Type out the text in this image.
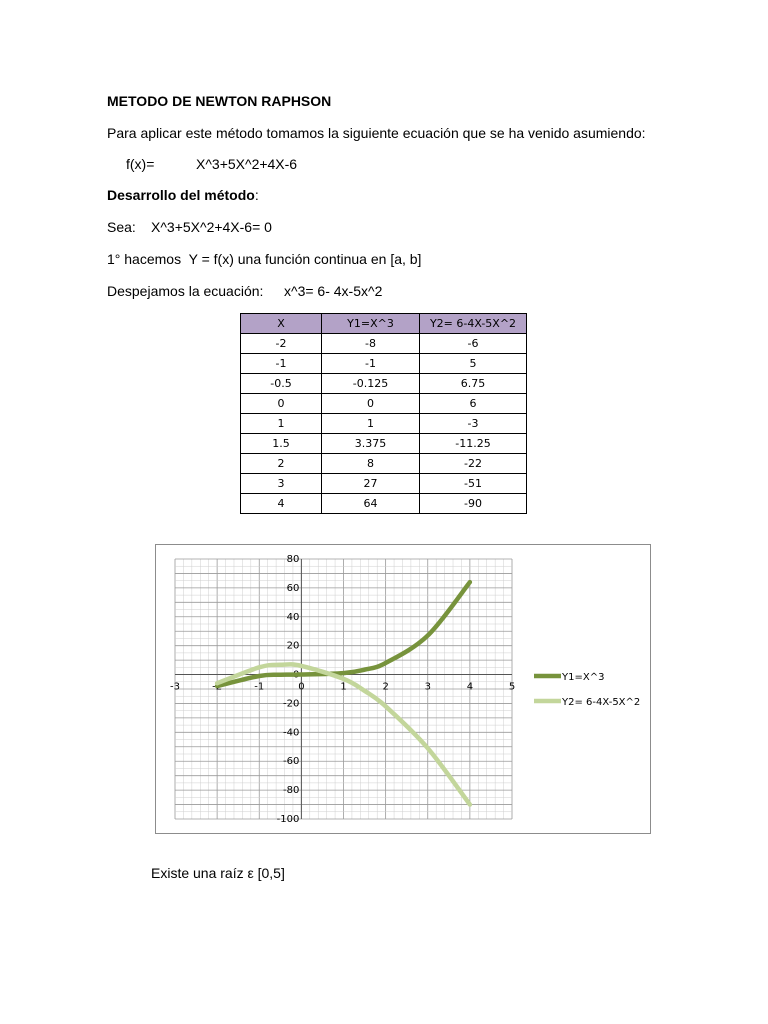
METODO DE NEWTON RAPHSON
Para aplicar este método tomamos la siguiente ecuación que se ha venido asumiendo:
f(x)=	X^3+5X^2+4X-6
Desarrollo del método:
Sea: X^3+5X^2+4X-6= 0
1° hacemos  Y = f(x) una función continua en [a, b]
Despejamos la ecuación: x^3= 6- 4x-5x^2
X	Y1=X^3	Y2= 6-4X-5X^2
-2	-8	-6
-1	-1	5
-0.5	-0.125	6.75
0	0	6
1	1	-3
1.5	3.375	-11.25
2	8	-22
3	27	-51
4	64	-90
-3	-2	-1	0	1	2	3	4	5
80
60
40
20
0
-20
-40
-60
-80
-100
Y1=X^3
Y2= 6-4X-5X^2
Existe una raíz ε [0,5]
